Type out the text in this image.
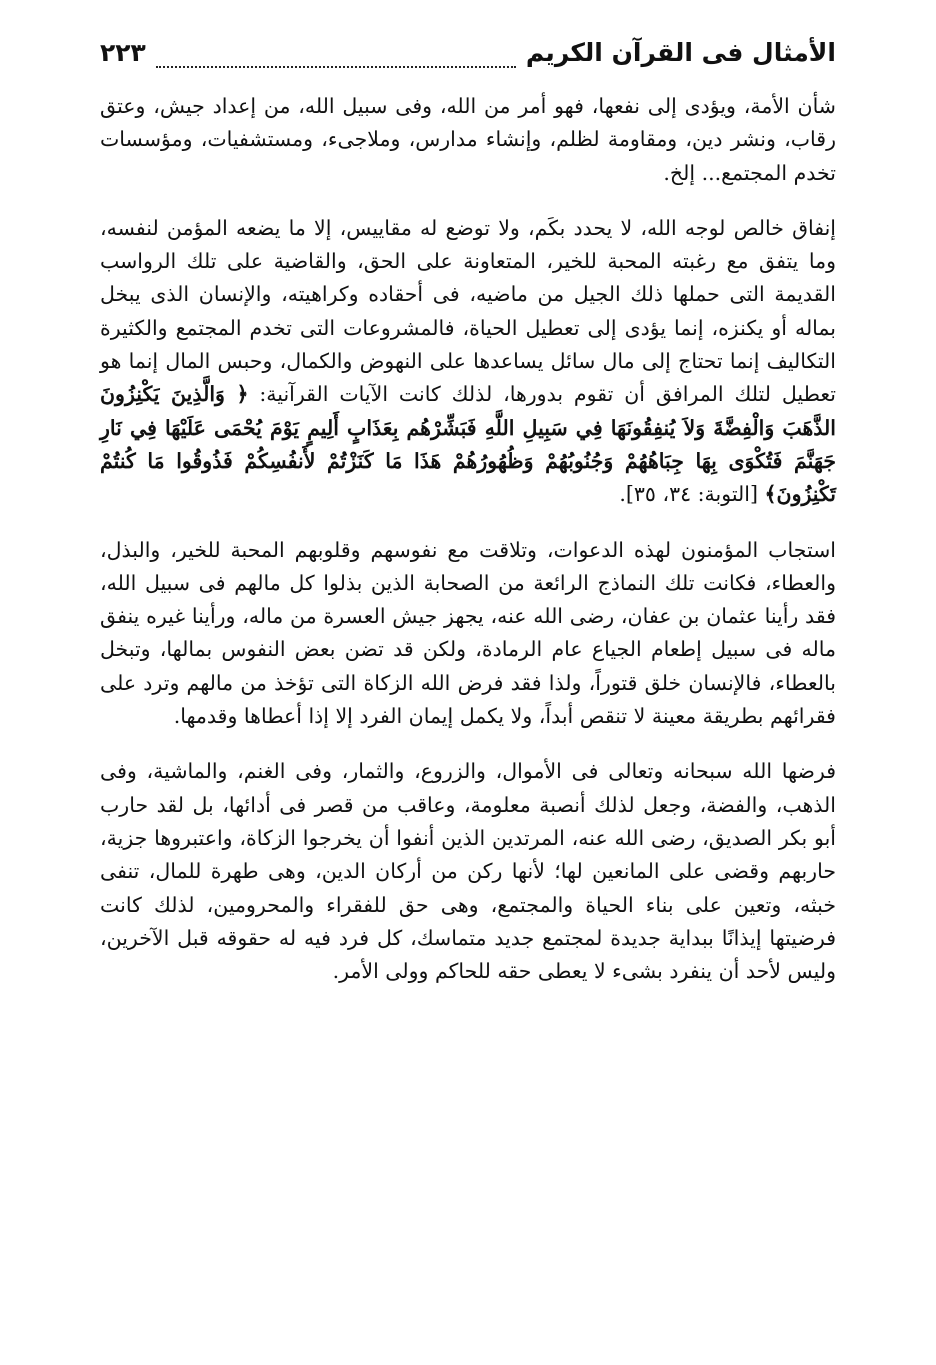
الأمثال فى القرآن الكريم
٢٢٣

شأن الأمة، ويؤدى إلى نفعها، فهو أمر من الله، وفى سبيل الله، من إعداد جيش، وعتق رقاب، ونشر دين، ومقاومة لظلم، وإنشاء مدارس، وملاجىء، ومستشفيات، ومؤسسات تخدم المجتمع... إلخ.

إنفاق خالص لوجه الله، لا يحدد بكَم، ولا توضع له مقاييس، إلا ما يضعه المؤمن لنفسه، وما يتفق مع رغبته المحبة للخير، المتعاونة على الحق، والقاضية على تلك الرواسب القديمة التى حملها ذلك الجيل من ماضيه، فى أحقاده وكراهيته، والإنسان الذى يبخل بماله أو يكنزه، إنما يؤدى إلى تعطيل الحياة، فالمشروعات التى تخدم المجتمع والكثيرة التكاليف إنما تحتاج إلى مال سائل يساعدها على النهوض والكمال، وحبس المال إنما هو تعطيل لتلك المرافق أن تقوم بدورها، لذلك كانت الآيات القرآنية: ﴿ وَالَّذِينَ يَكْنِزُونَ الذَّهَبَ وَالْفِضَّةَ وَلاَ يُنفِقُونَهَا فِي سَبِيلِ اللَّهِ فَبَشِّرْهُم بِعَذَابٍ أَلِيمٍ يَوْمَ يُحْمَى عَلَيْهَا فِي نَارِ جَهَنَّمَ فَتُكْوَى بِهَا جِبَاهُهُمْ وَجُنُوبُهُمْ وَظُهُورُهُمْ هَذَا مَا كَنَزْتُمْ لأَنفُسِكُمْ فَذُوقُوا مَا كُنتُمْ تَكْنِزُونَ﴾ [التوبة: ٣٤، ٣٥].

استجاب المؤمنون لهذه الدعوات، وتلاقت مع نفوسهم وقلوبهم المحبة للخير، والبذل، والعطاء، فكانت تلك النماذج الرائعة من الصحابة الذين بذلوا كل مالهم فى سبيل الله، فقد رأينا عثمان بن عفان، رضى الله عنه، يجهز جيش العسرة من ماله، ورأينا غيره ينفق ماله فى سبيل إطعام الجياع عام الرمادة، ولكن قد تضن بعض النفوس بمالها، وتبخل بالعطاء، فالإنسان خلق قتوراً، ولذا فقد فرض الله الزكاة التى تؤخذ من مالهم وترد على فقرائهم بطريقة معينة لا تنقص أبداً، ولا يكمل إيمان الفرد إلا إذا أعطاها وقدمها.

فرضها الله سبحانه وتعالى فى الأموال، والزروع، والثمار، وفى الغنم، والماشية، وفى الذهب، والفضة، وجعل لذلك أنصبة معلومة، وعاقب من قصر فى أدائها، بل لقد حارب أبو بكر الصديق، رضى الله عنه، المرتدين الذين أنفوا أن يخرجوا الزكاة، واعتبروها جزية، حاربهم وقضى على المانعين لها؛ لأنها ركن من أركان الدين، وهى طهرة للمال، تنفى خبثه، وتعين على بناء الحياة والمجتمع، وهى حق للفقراء والمحرومين، لذلك كانت فرضيتها إيذانًا ببداية جديدة لمجتمع جديد متماسك، كل فرد فيه له حقوقه قبل الآخرين، وليس لأحد أن ينفرد بشىء لا يعطى حقه للحاكم وولى الأمر.
